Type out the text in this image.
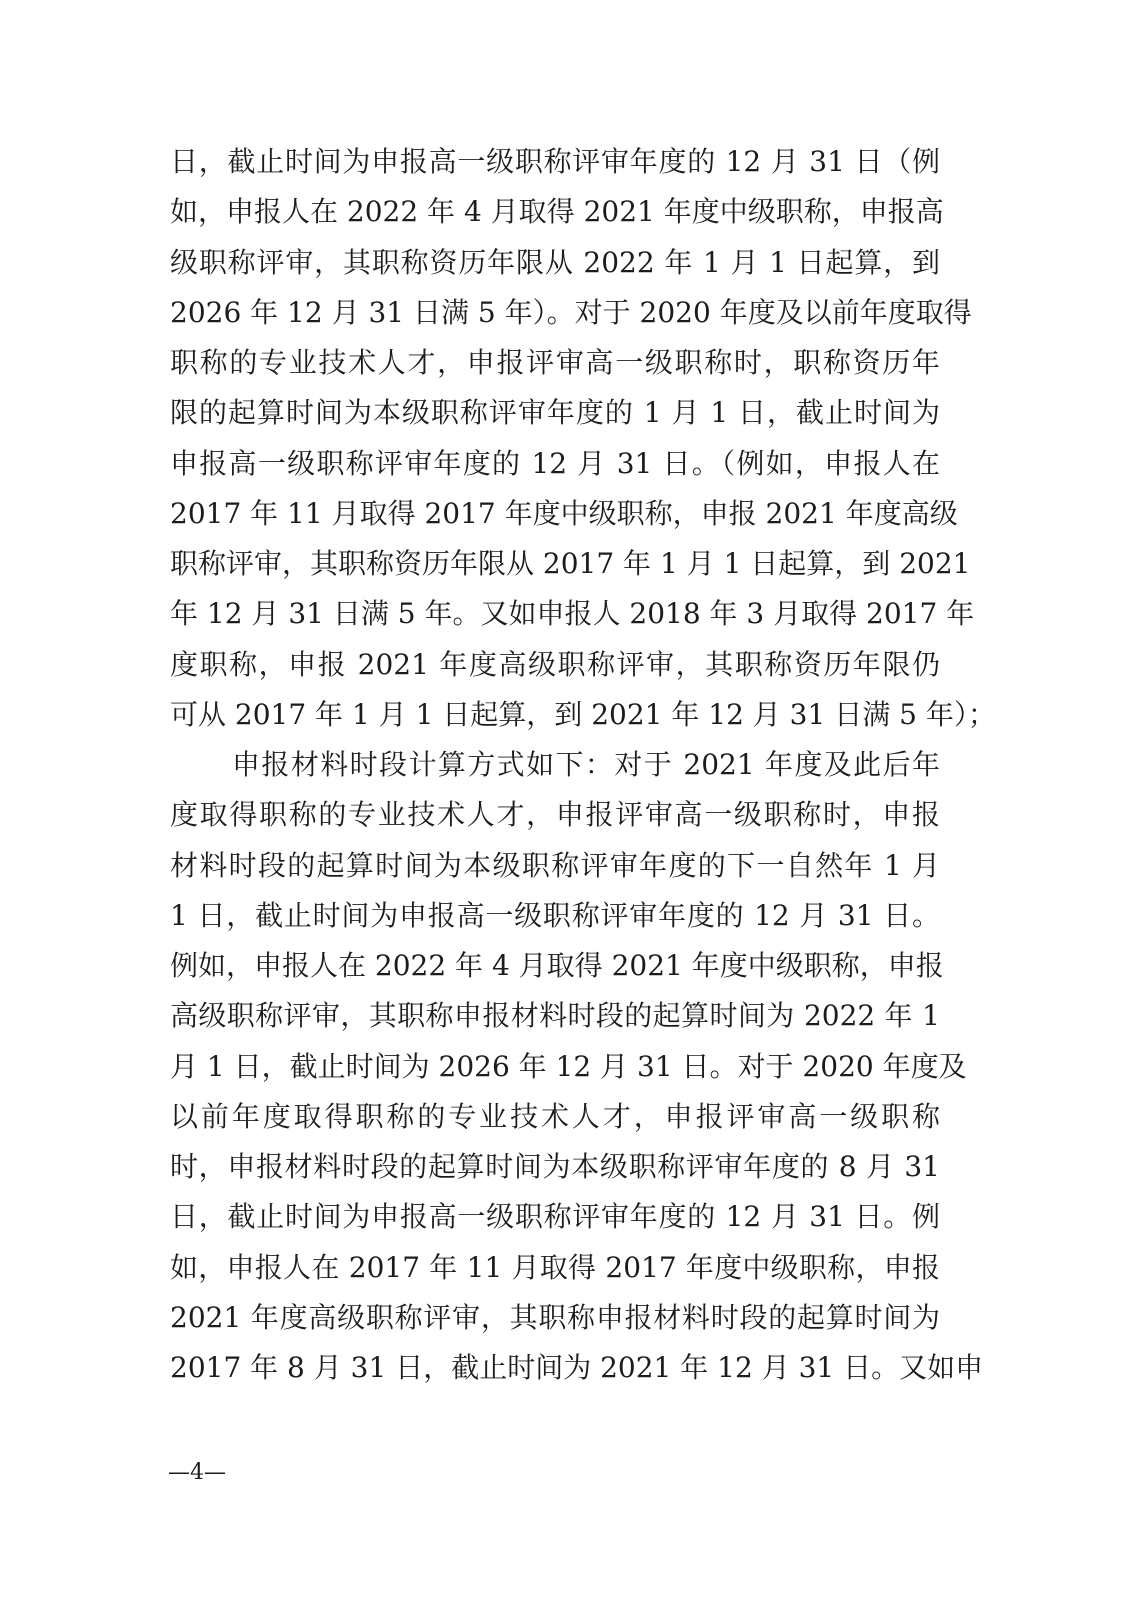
日，截止时间为申报高一级职称评审年度的 12 月 31 日（例
如，申报人在 2022 年 4 月取得 2021 年度中级职称，申报高
级职称评审，其职称资历年限从 2022 年 1 月 1 日起算，到
2026 年 12 月 31 日满 5 年）。对于 2020 年度及以前年度取得
职称的专业技术人才，申报评审高一级职称时，职称资历年
限的起算时间为本级职称评审年度的 1 月 1 日，截止时间为
申报高一级职称评审年度的 12 月 31 日。（例如，申报人在
2017 年 11 月取得 2017 年度中级职称，申报 2021 年度高级
职称评审，其职称资历年限从 2017 年 1 月 1 日起算，到 2021
年 12 月 31 日满 5 年。又如申报人 2018 年 3 月取得 2017 年
度职称，申报 2021 年度高级职称评审，其职称资历年限仍
可从 2017 年 1 月 1 日起算，到 2021 年 12 月 31 日满 5 年）；
申报材料时段计算方式如下：对于 2021 年度及此后年
度取得职称的专业技术人才，申报评审高一级职称时，申报
材料时段的起算时间为本级职称评审年度的下一自然年 1 月
1 日，截止时间为申报高一级职称评审年度的 12 月 31 日。
例如，申报人在 2022 年 4 月取得 2021 年度中级职称，申报
高级职称评审，其职称申报材料时段的起算时间为 2022 年 1
月 1 日，截止时间为 2026 年 12 月 31 日。对于 2020 年度及
以前年度取得职称的专业技术人才，申报评审高一级职称
时，申报材料时段的起算时间为本级职称评审年度的 8 月 31
日，截止时间为申报高一级职称评审年度的 12 月 31 日。例
如，申报人在 2017 年 11 月取得 2017 年度中级职称，申报
2021 年度高级职称评审，其职称申报材料时段的起算时间为
2017 年 8 月 31 日，截止时间为 2021 年 12 月 31 日。又如申
—4—
